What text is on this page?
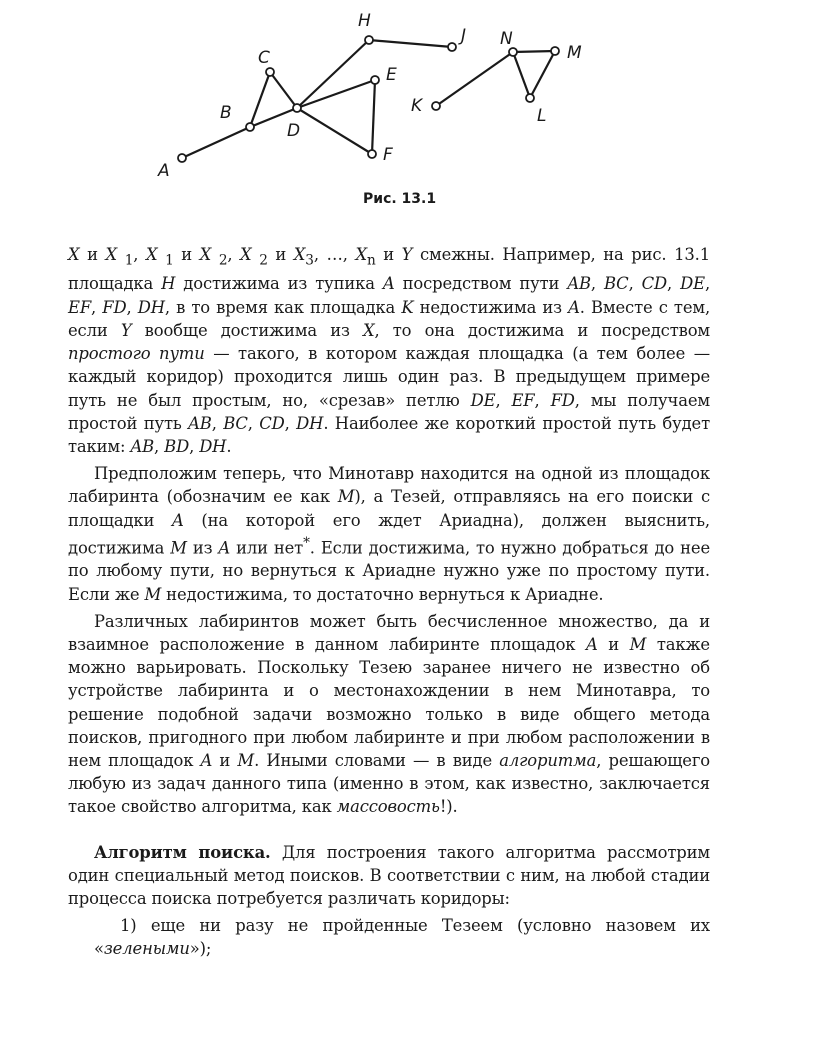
A
B
C
D
E
F
H
J N
M
K	L
Рис. 13.1

X и X $_1$, X $_1$ и X $_2$, X $_2$ и $X_3$, …, $X_n$ и Y смежны. Например, на рис. 13.1 площадка H достижима из тупика A посредством пути AB, BC, CD, DE, EF, FD, DH, в то время как площадка K недостижима из A. Вместе с тем, если Y вообще достижима из X, то она достижима и посредством простого пути — такого, в котором каждая площадка (а тем более — каждый коридор) проходится лишь один раз. В предыдущем примере путь не был простым, но, «срезав» петлю DE, EF, FD, мы получаем простой путь AB, BC, CD, DH. Наиболее же короткий простой путь будет таким: AB, BD, DH.

Предположим теперь, что Минотавр находится на одной из площадок лабиринта (обозначим ее как M), а Тезей, отправляясь на его поиски с площадки A (на которой его ждет Ариадна), должен выяснить, достижима M из A или нет*. Если достижима, то нужно добраться до нее по любому пути, но вернуться к Ариадне нужно уже по простому пути. Если же M недостижима, то достаточно вернуться к Ариадне.

Различных лабиринтов может быть бесчисленное множество, да и взаимное расположение в данном лабиринте площадок A и M также можно варьировать. Поскольку Тезею заранее ничего не известно об устройстве лабиринта и о местонахождении в нем Минотавра, то решение подобной задачи возможно только в виде общего метода поисков, пригодного при любом лабиринте и при любом расположении в нем площадок A и M. Иными словами — в виде алгоритма, решающего любую из задач данного типа (именно в этом, как известно, заключается такое свойство алгоритма, как массовость!).

Алгоритм поиска. Для построения такого алгоритма рассмотрим один специальный метод поисков. В соответствии с ним, на любой стадии процесса поиска потребуется различать коридоры:

1) еще ни разу не пройденные Тезеем (условно назовем их «зелеными»);
